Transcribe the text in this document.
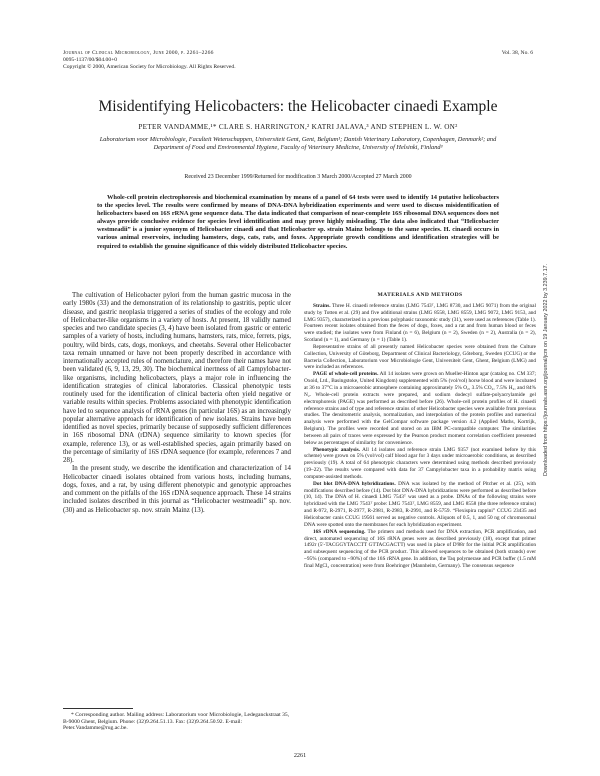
Journal of Clinical Microbiology, June 2000, p. 2261–2266
0095-1137/00/$04.00+0
Copyright © 2000, American Society for Microbiology. All Rights Reserved.
Vol. 38, No. 6
Misidentifying Helicobacters: the Helicobacter cinaedi Example
PETER VANDAMME,¹* CLARE S. HARRINGTON,² KATRI JALAVA,³ AND STEPHEN L. W. ON²
Laboratorium voor Microbiologie, Faculteit Wetenschappen, Universiteit Gent, Gent, Belgium¹; Danish Veterinary Laboratory, Copenhagen, Denmark²; and Department of Food and Environmental Hygiene, Faculty of Veterinary Medicine, University of Helsinki, Finland³
Received 23 December 1999/Returned for modification 3 March 2000/Accepted 27 March 2000
Whole-cell protein electrophoresis and biochemical examination by means of a panel of 64 tests were used to identify 14 putative helicobacters to the species level. The results were confirmed by means of DNA-DNA hybridization experiments and were used to discuss misidentification of helicobacters based on 16S rRNA gene sequence data. The data indicated that comparison of near-complete 16S ribosomal DNA sequences does not always provide conclusive evidence for species level identification and may prove highly misleading. The data also indicated that “Helicobacter westmeadii” is a junior synonym of Helicobacter cinaedi and that Helicobacter sp. strain Mainz belongs to the same species. H. cinaedi occurs in various animal reservoirs, including hamsters, dogs, cats, rats, and foxes. Appropriate growth conditions and identification strategies will be required to establish the genuine significance of this widely distributed Helicobacter species.

The cultivation of Helicobacter pylori from the human gastric mucosa in the early 1980s (33) and the demonstration of its relationship to gastritis, peptic ulcer disease, and gastric neoplasia triggered a series of studies of the ecology and role of Helicobacter-like organisms in a variety of hosts. At present, 18 validly named species and two candidate species (3, 4) have been isolated from gastric or enteric samples of a variety of hosts, including humans, hamsters, rats, mice, ferrets, pigs, poultry, wild birds, cats, dogs, monkeys, and cheetahs. Several other Helicobacter taxa remain unnamed or have not been properly described in accordance with internationally accepted rules of nomenclature, and therefore their names have not been validated (6, 9, 13, 29, 30). The biochemical inertness of all Campylobacter-like organisms, including helicobacters, plays a major role in influencing the identification strategies of clinical laboratories. Classical phenotypic tests routinely used for the identification of clinical bacteria often yield negative or variable results within species. Problems associated with phenotypic identification have led to sequence analysis of rRNA genes (in particular 16S) as an increasingly popular alternative approach for identification of new isolates. Strains have been identified as novel species, primarily because of supposedly sufficient differences in 16S ribosomal DNA (rDNA) sequence similarity to known species (for example, reference 13), or as well-established species, again primarily based on the percentage of similarity of 16S rDNA sequence (for example, references 7 and 28).

In the present study, we describe the identification and characterization of 14 Helicobacter cinaedi isolates obtained from various hosts, including humans, dogs, foxes, and a rat, by using different phenotypic and genotypic approaches and comment on the pitfalls of the 16S rDNA sequence approach. These 14 strains included isolates described in this journal as “Helicobacter westmeadii” sp. nov. (30) and as Helicobacter sp. nov. strain Mainz (13).

* Corresponding author. Mailing address: Laboratorium voor Microbiologie, Ledeganckstraat 35, B-9000 Ghent, Belgium. Phone: (32)9.264.51.13. Fax: (32)9.264.50.92. E-mail: Peter.Vandamme@rug.ac.be.
MATERIALS AND METHODS

Strains. Three H. cinaedi reference strains (LMG 7543ᵀ, LMG 8730, and LMG 9071) from the original study by Totten et al. (29) and five additional strains (LMG 8558, LMG 8559, LMG 9072, LMG 9153, and LMG 9357), characterized in a previous polyphasic taxonomic study (31), were used as references (Table 1). Fourteen recent isolates obtained from the feces of dogs, foxes, and a rat and from human blood or feces were studied; the isolates were from Finland (n = 6), Belgium (n = 2), Sweden (n = 2), Australia (n = 2), Scotland (n = 1), and Germany (n = 1) (Table 1).

Representative strains of all presently named Helicobacter species were obtained from the Culture Collection, University of Göteborg, Department of Clinical Bacteriology, Göteborg, Sweden (CCUG) or the Bacteria Collection, Laboratorium voor Microbiologie Gent, Universiteit Gent, Ghent, Belgium (LMG) and were included as references.

PAGE of whole-cell proteins. All 14 isolates were grown on Mueller-Hinton agar (catalog no. CM 337; Oxoid, Ltd., Basingstoke, United Kingdom) supplemented with 5% (vol/vol) horse blood and were incubated at 36 to 37°C in a microaerobic atmosphere containing approximately 5% O₂, 3.5% CO₂, 7.5% H₂, and 84% N₂. Whole-cell protein extracts were prepared, and sodium dodecyl sulfate-polyacrylamide gel electrophoresis (PAGE) was performed as described before (26). Whole-cell protein profiles of H. cinaedi reference strains and of type and reference strains of other Helicobacter species were available from previous studies. The densitometric analysis, normalization, and interpolation of the protein profiles and numerical analysis were performed with the GelCompar software package version 4.2 (Applied Maths, Kortrijk, Belgium). The profiles were recorded and stored on an IBM PC-compatible computer. The similarities between all pairs of traces were expressed by the Pearson product moment correlation coefficient presented below as percentages of similarity for convenience.

Phenotypic analysis. All 14 isolates and reference strain LMG 9357 (not examined before by this scheme) were grown on 5% (vol/vol) calf blood agar for 3 days under microaerobic conditions, as described previously (19). A total of 64 phenotypic characters were determined using methods described previously (19–22). The results were compared with data for 37 Campylobacter taxa in a probability matrix using computer-assisted methods.

Dot blot DNA-DNA hybridizations. DNA was isolated by the method of Pitcher et al. (25), with modifications described before (14). Dot blot DNA-DNA hybridizations were performed as described before (10, 14). The DNA of H. cinaedi LMG 7543ᵀ was used as a probe. DNAs of the following strains were hybridized with the LMG 7543ᵀ probe: LMG 7543ᵀ, LMG 8559, and LMG 8558 (the three reference strains) and R-972, R-2971, R-2977, R-2981, R-2983, R-2991, and R-5759. “Flexispira rappini” CCUG 23435 and Helicobacter canis CCUG 19561 served as negative controls. Aliquots of 0.5, 1, and 50 ng of chromosomal DNA were spotted onto the membranes for each hybridization experiment.

16S rDNA sequencing. The primers and methods used for DNA extraction, PCR amplification, and direct, automated sequencing of 16S rRNA genes were as described previously (18), except that primer 1492r (5′-TACGGYTACCTT GTTACGACTT) was used in place of D'88r for the initial PCR amplification and subsequent sequencing of the PCR product. This allowed sequences to be obtained (both strands) over ~95% (compared to ~90%) of the 16S rRNA gene. In addition, the Taq polymerase and PCR buffer (1.5 mM final MgCl₂ concentration) were from Boehringer (Mannheim, Germany). The consensus sequence

2261
Downloaded from https://journals.asm.org/journal/jcm on 19 January 2022 by 3.239.7.17.
